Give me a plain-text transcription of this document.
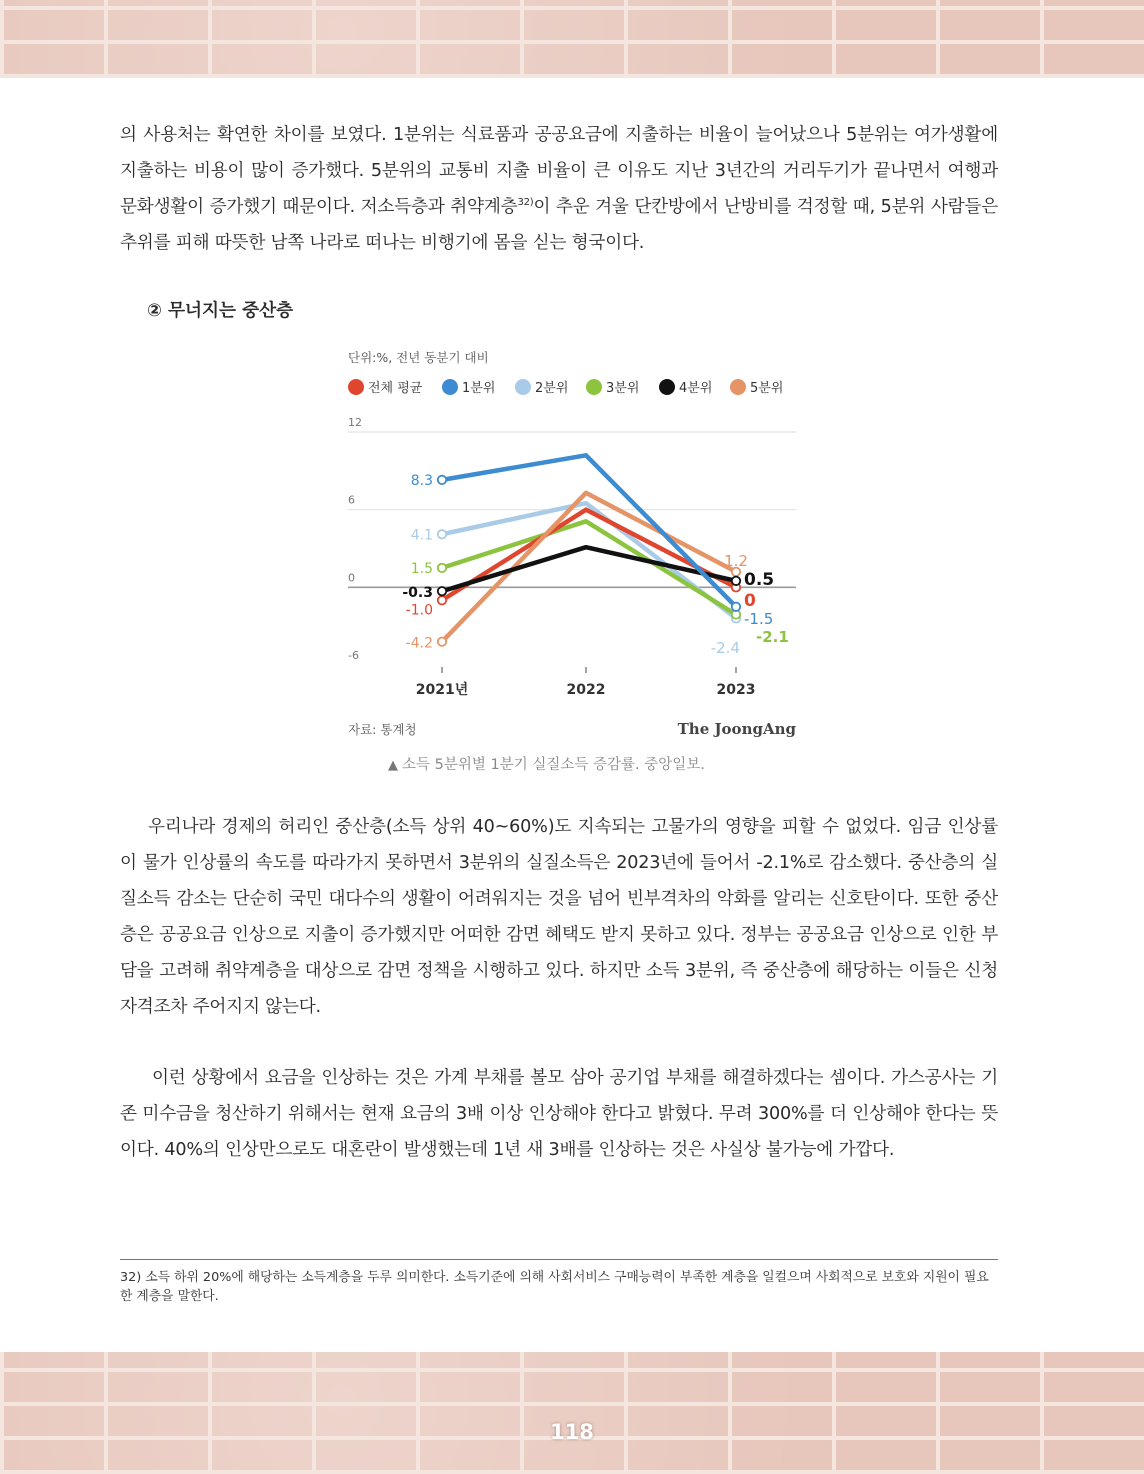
의 사용처는 확연한 차이를 보였다. 1분위는 식료품과 공공요금에 지출하는 비율이 늘어났으나 5분위는 여가생활에 지출하는 비용이 많이 증가했다. 5분위의 교통비 지출 비율이 큰 이유도 지난 3년간의 거리두기가 끝나면서 여행과 문화생활이 증가했기 때문이다. 저소득층과 취약계층$^{32)}$이 추운 겨울 단칸방에서 난방비를 걱정할 때, 5분위 사람들은 추위를 피해 따뜻한 남쪽 나라로 떠나는 비행기에 몸을 싣는 형국이다.

② 무너지는 중산층
단위:%, 전년 동분기 대비
전체 평균	1분위	2분위	3분위	4분위	5분위
12
6
0
-6
2021년	2022	2023
-1.0
8.3
4.1
1.5
-0.3
-4.2
0
-1.5
-2.4
-2.1
0.5
1.2
자료: 통계청	The JoongAng
▲ 소득 5분위별 1분기 실질소득 증감률. 중앙일보.

우리나라 경제의 허리인 중산층(소득 상위 40~60%)도 지속되는 고물가의 영향을 피할 수 없었다. 임금 인상률이 물가 인상률의 속도를 따라가지 못하면서 3분위의 실질소득은 2023년에 들어서 -2.1%로 감소했다. 중산층의 실질소득 감소는 단순히 국민 대다수의 생활이 어려워지는 것을 넘어 빈부격차의 악화를 알리는 신호탄이다. 또한 중산층은 공공요금 인상으로 지출이 증가했지만 어떠한 감면 혜택도 받지 못하고 있다. 정부는 공공요금 인상으로 인한 부담을 고려해 취약계층을 대상으로 감면 정책을 시행하고 있다. 하지만 소득 3분위, 즉 중산층에 해당하는 이들은 신청 자격조차 주어지지 않는다.

이런 상황에서 요금을 인상하는 것은 가계 부채를 볼모 삼아 공기업 부채를 해결하겠다는 셈이다. 가스공사는 기존 미수금을 청산하기 위해서는 현재 요금의 3배 이상 인상해야 한다고 밝혔다. 무려 300%를 더 인상해야 한다는 뜻이다. 40%의 인상만으로도 대혼란이 발생했는데 1년 새 3배를 인상하는 것은 사실상 불가능에 가깝다.

32) 소득 하위 20%에 해당하는 소득계층을 두루 의미한다. 소득기준에 의해 사회서비스 구매능력이 부족한 계층을 일컬으며 사회적으로 보호와 지원이 필요한 계층을 말한다.

118
